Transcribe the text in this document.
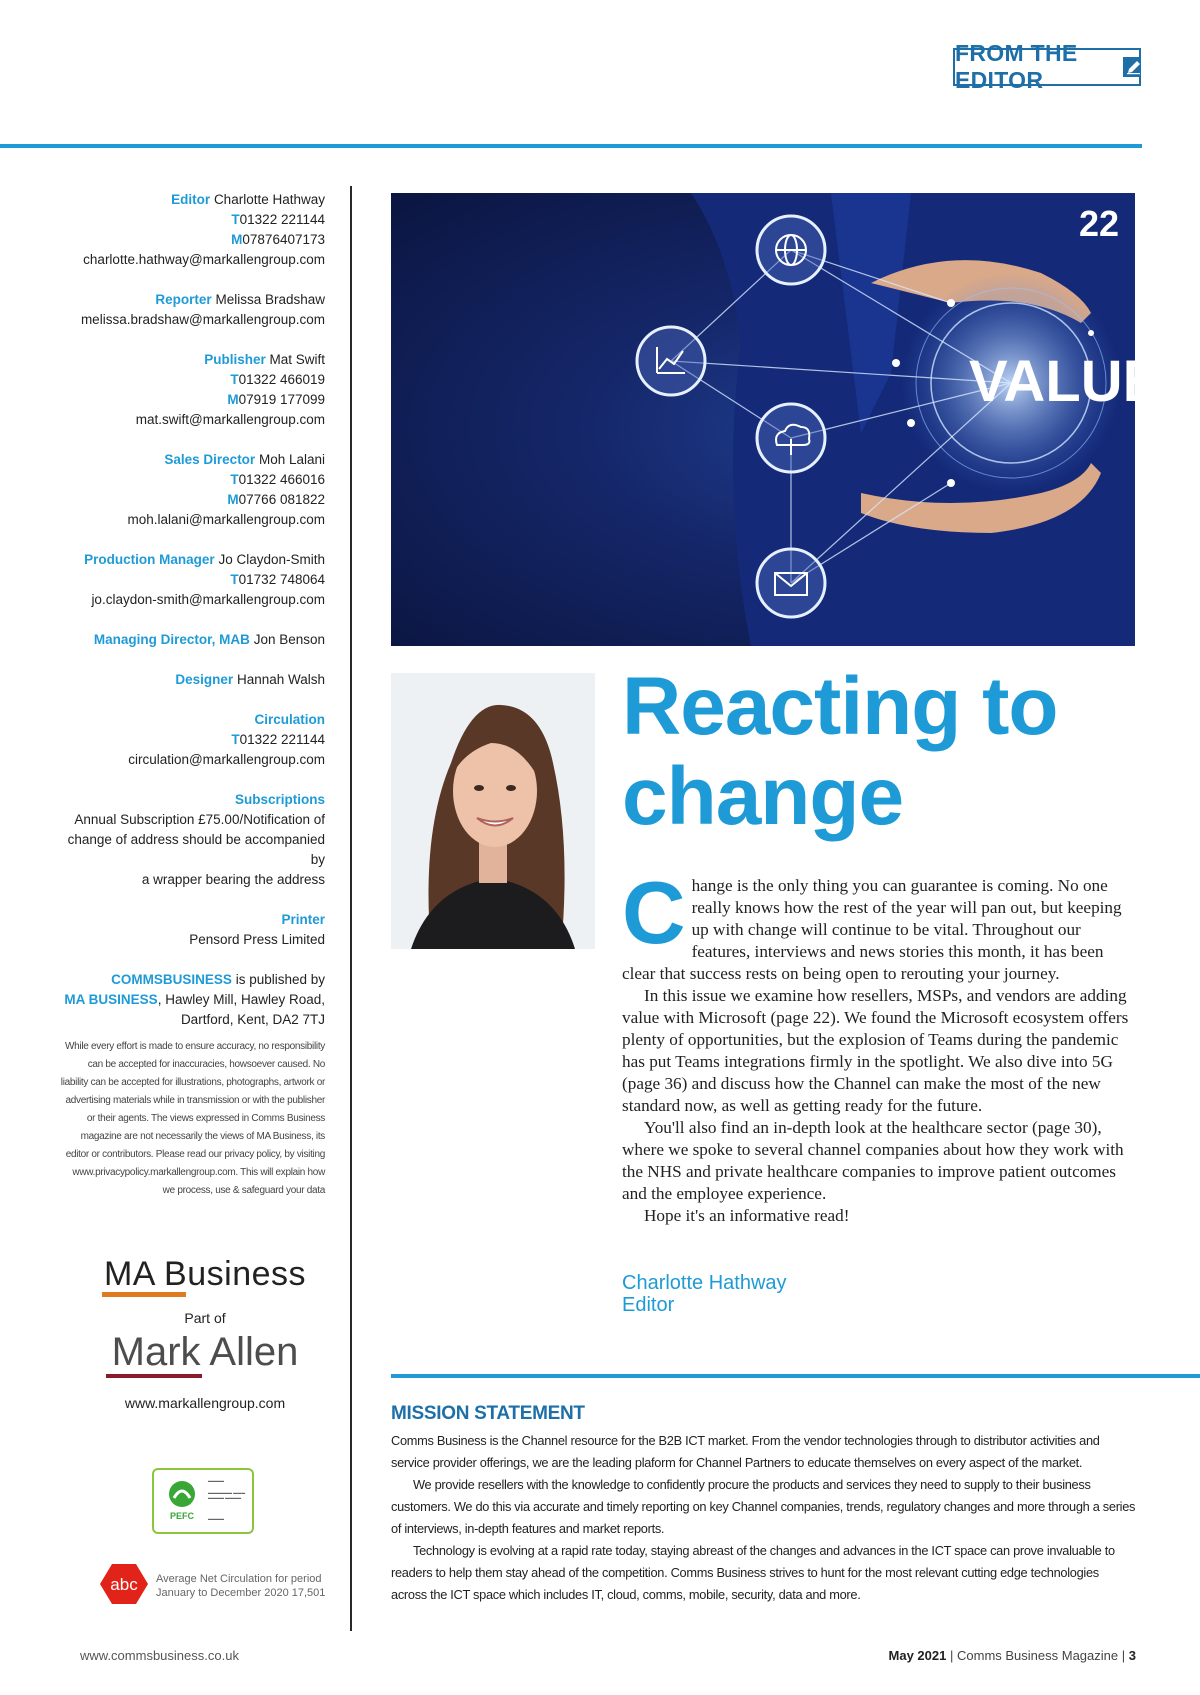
FROM THE EDITOR
Editor Charlotte Hathway
T01322 221144
M07876407173
charlotte.hathway@markallengroup.com
Reporter Melissa Bradshaw
melissa.bradshaw@markallengroup.com
Publisher Mat Swift
T01322 466019
M07919 177099
mat.swift@markallengroup.com
Sales Director Moh Lalani
T01322 466016
M07766 081822
moh.lalani@markallengroup.com
Production Manager Jo Claydon-Smith
T01732 748064
jo.claydon-smith@markallengroup.com
Managing Director, MAB Jon Benson
Designer Hannah Walsh
Circulation
T01322 221144
circulation@markallengroup.com
Subscriptions
Annual Subscription £75.00/Notification of
change of address should be accompanied by
a wrapper bearing the address
Printer
Pensord Press Limited
COMMSBUSINESS is published by
MA BUSINESS, Hawley Mill, Hawley Road,
Dartford, Kent, DA2 7TJ
While every effort is made to ensure accuracy, no responsibility can be accepted for inaccuracies, howsoever caused. No liability can be accepted for illustrations, photographs, artwork or advertising materials while in transmission or with the publisher or their agents. The views expressed in Comms Business magazine are not necessarily the views of MA Business, its editor or contributors. Please read our privacy policy, by visiting www.privacypolicy.markallengroup.com. This will explain how we process, use & safeguard your data
MA Business
Part of
Mark Allen
www.markallengroup.com
PEFC
▬▬▬▬
▬▬▬▬▬▬ ▬▬▬ ▬▬▬▬ ▬▬▬▬
▬▬▬▬
abc Average Net Circulation for period
January to December 2020 17,501
VALUE
22
Reacting to
change

Change is the only thing you can guarantee is coming. No one really knows how the rest of the year will pan out, but keeping up with change will continue to be vital. Throughout our features, interviews and news stories this month, it has been clear that success rests on being open to rerouting your journey.

In this issue we examine how resellers, MSPs, and vendors are adding value with Microsoft (page 22). We found the Microsoft ecosystem offers plenty of opportunities, but the explosion of Teams during the pandemic has put Teams integrations firmly in the spotlight. We also dive into 5G (page 36) and discuss how the Channel can make the most of the new standard now, as well as getting ready for the future.

You'll also find an in-depth look at the healthcare sector (page 30), where we spoke to several channel companies about how they work with the NHS and private healthcare companies to improve patient outcomes and the employee experience.

Hope it's an informative read!

Charlotte Hathway
Editor
MISSION STATEMENT

Comms Business is the Channel resource for the B2B ICT market. From the vendor technologies through to distributor activities and service provider offerings, we are the leading plaform for Channel Partners to educate themselves on every aspect of the market.

We provide resellers with the knowledge to confidently procure the products and services they need to supply to their business customers. We do this via accurate and timely reporting on key Channel companies, trends, regulatory changes and more through a series of interviews, in-depth features and market reports.

Technology is evolving at a rapid rate today, staying abreast of the changes and advances in the ICT space can prove invaluable to readers to help them stay ahead of the competition. Comms Business strives to hunt for the most relevant cutting edge technologies across the ICT space which includes IT, cloud, comms, mobile, security, data and more.

www.commsbusiness.co.uk	May 2021 | Comms Business Magazine | 3
